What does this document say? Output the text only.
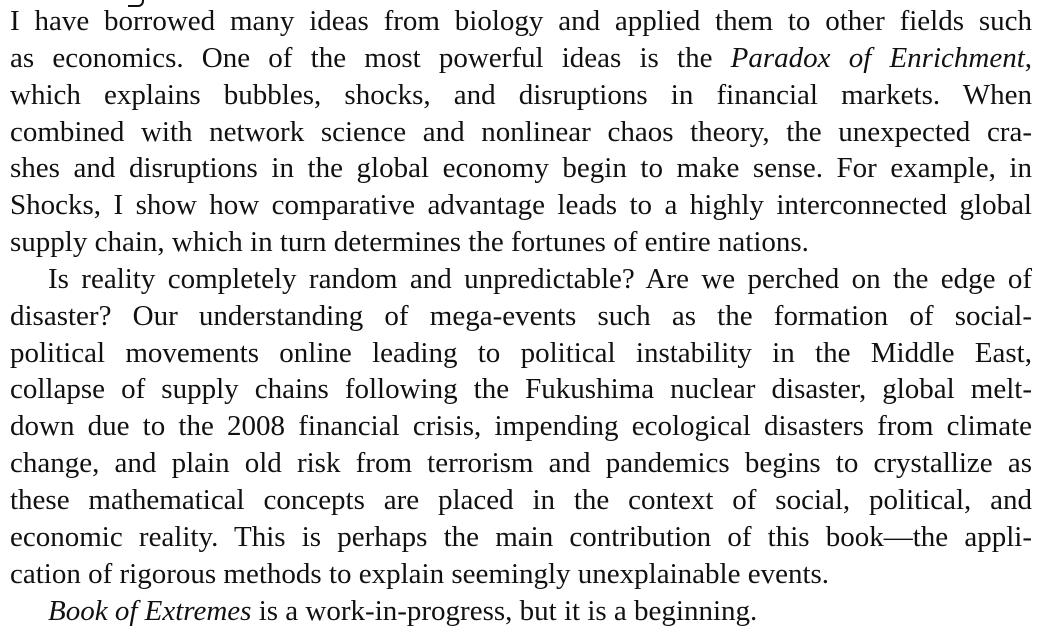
I have borrowed many ideas from biology and applied them to other fields such
as economics. One of the most powerful ideas is the Paradox of Enrichment,
which explains bubbles, shocks, and disruptions in financial markets. When
combined with network science and nonlinear chaos theory, the unexpected cra-
shes and disruptions in the global economy begin to make sense. For example, in
Shocks, I show how comparative advantage leads to a highly interconnected global
supply chain, which in turn determines the fortunes of entire nations.
Is reality completely random and unpredictable? Are we perched on the edge of
disaster? Our understanding of mega-events such as the formation of social-
political movements online leading to political instability in the Middle East,
collapse of supply chains following the Fukushima nuclear disaster, global melt-
down due to the 2008 financial crisis, impending ecological disasters from climate
change, and plain old risk from terrorism and pandemics begins to crystallize as
these mathematical concepts are placed in the context of social, political, and
economic reality. This is perhaps the main contribution of this book—the appli-
cation of rigorous methods to explain seemingly unexplainable events.
Book of Extremes is a work-in-progress, but it is a beginning.
